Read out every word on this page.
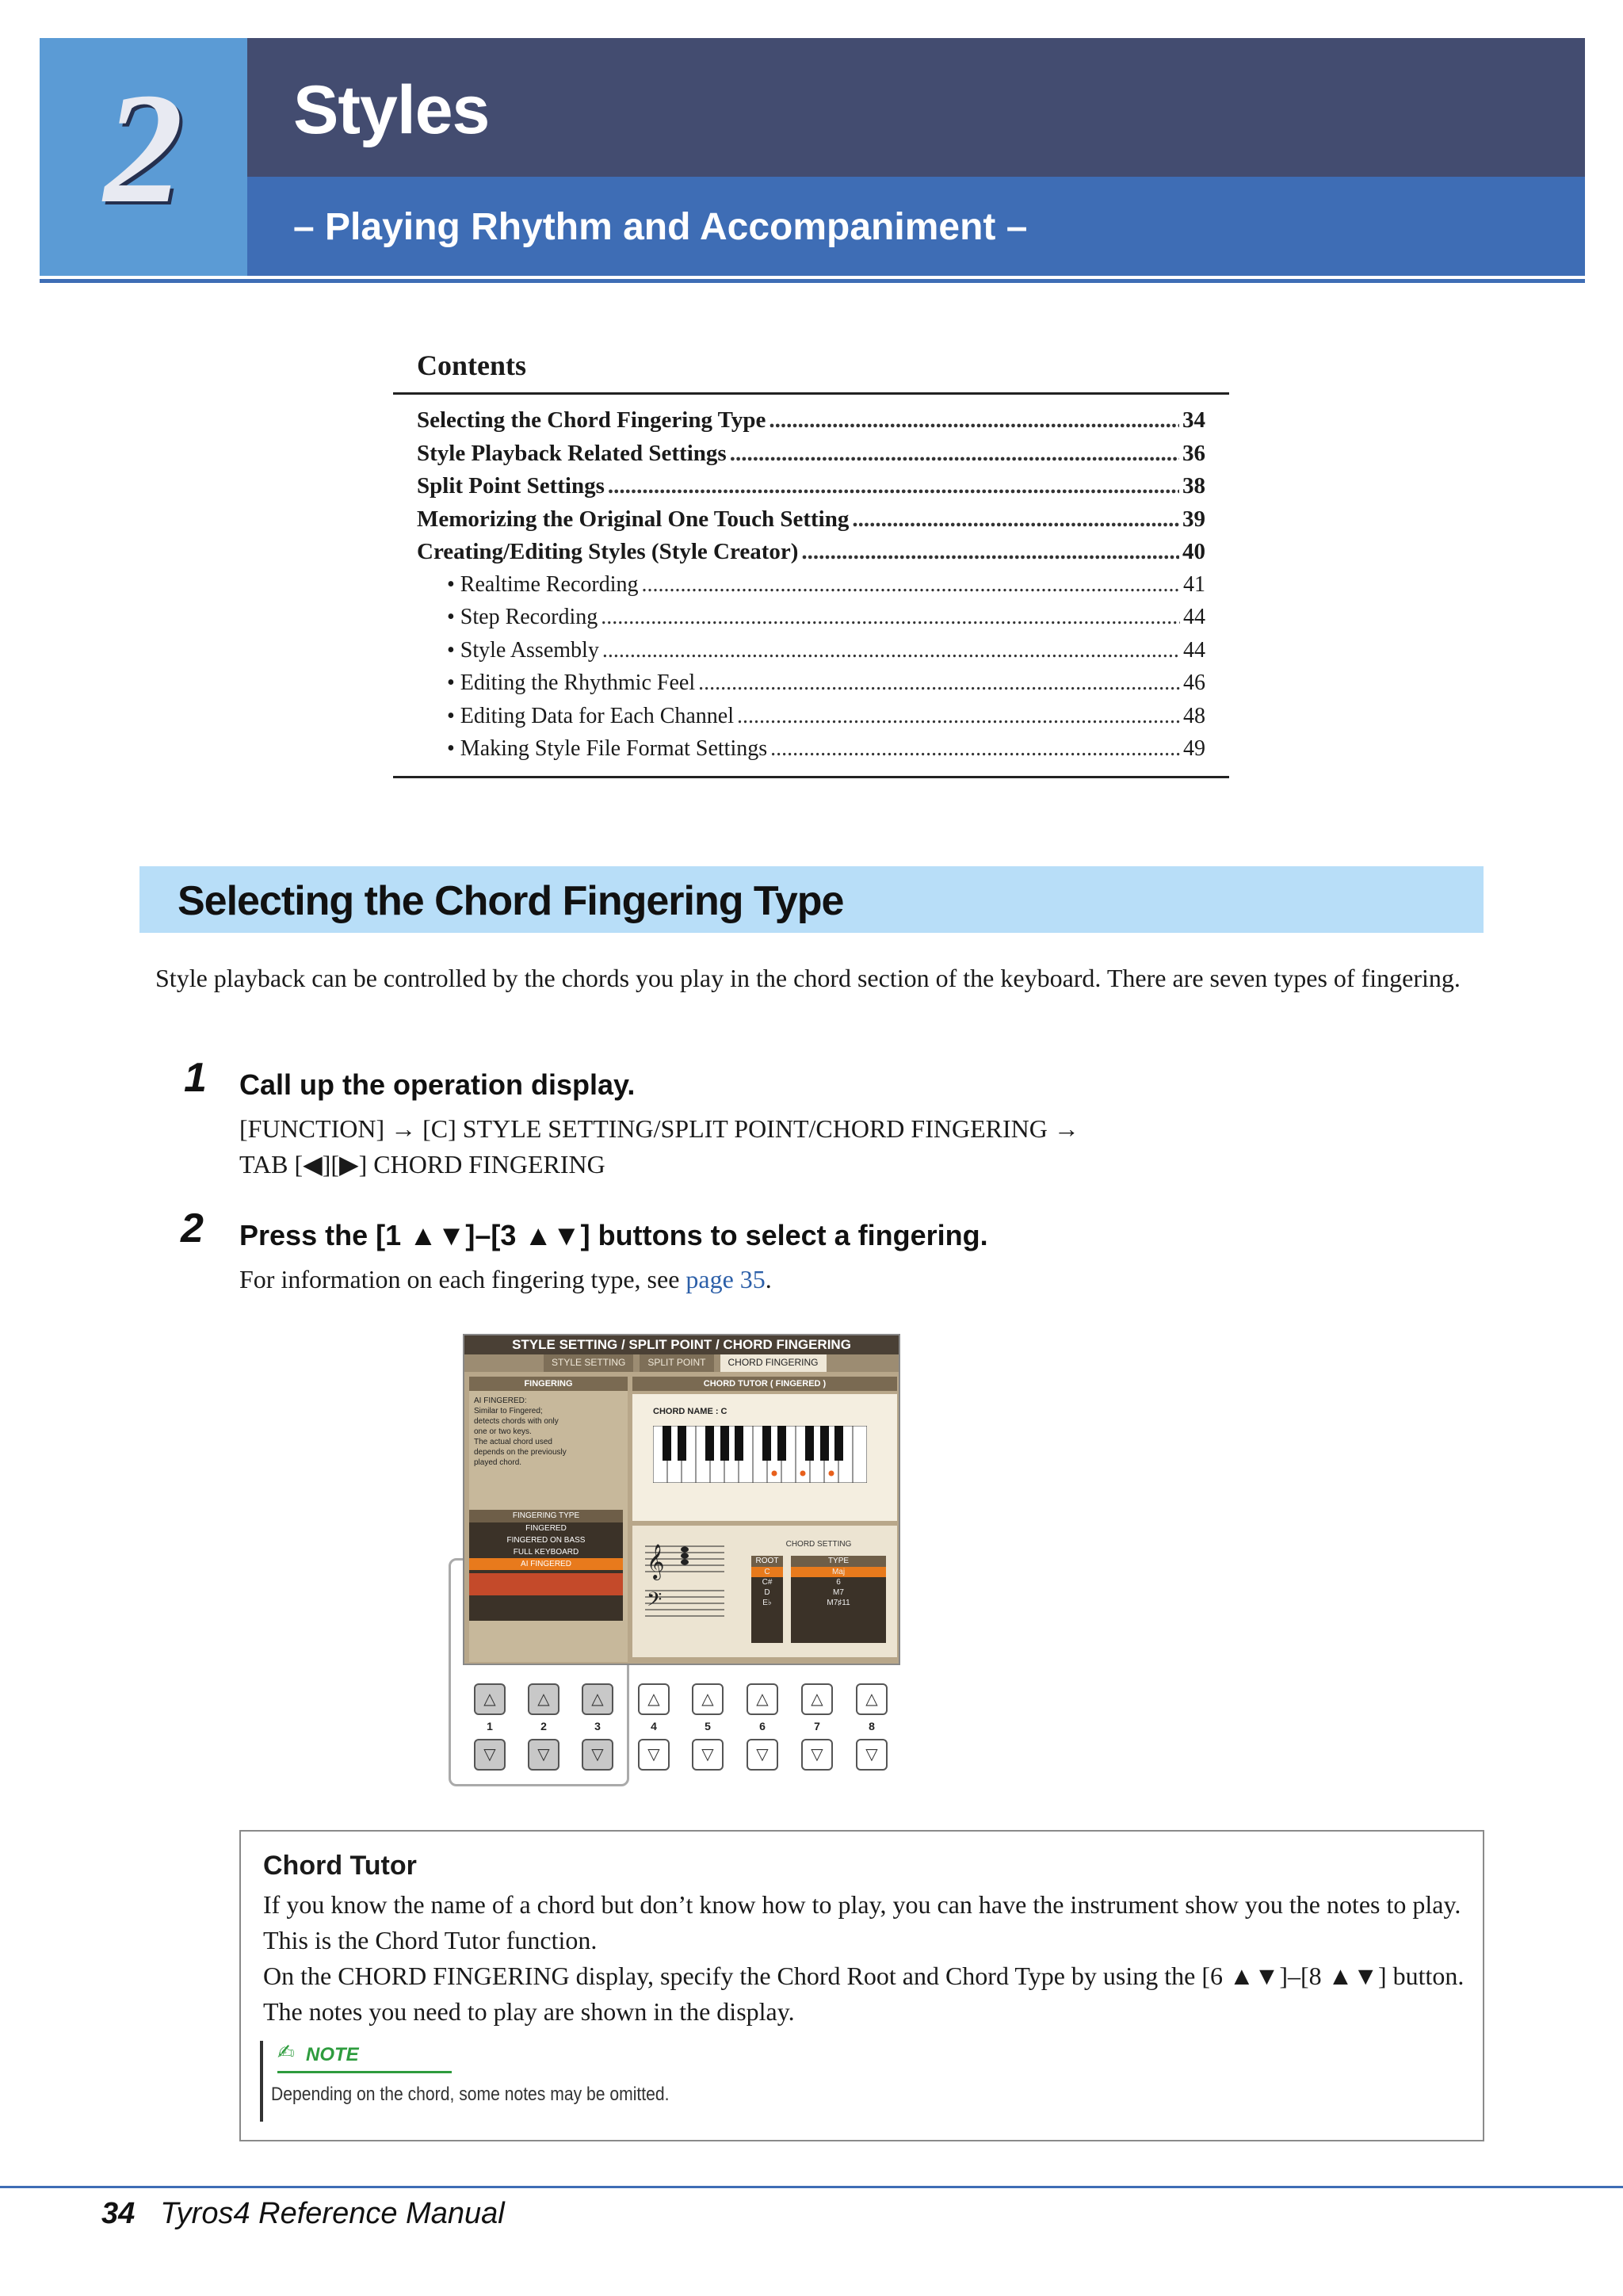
2	Styles
– Playing Rhythm and Accompaniment –
Contents
Selecting the Chord Fingering Type .....	34
Style Playback Related Settings .....	36
Split Point Settings .....	38
Memorizing the Original One Touch Setting .....	39
Creating/Editing Styles (Style Creator) .....	40
• Realtime Recording .....	41
• Step Recording .....	44
• Style Assembly .....	44
• Editing the Rhythmic Feel .....	46
• Editing Data for Each Channel .....	48
• Making Style File Format Settings .....	49
Selecting the Chord Fingering Type
Style playback can be controlled by the chords you play in the chord section of the keyboard. There are seven types of fingering.
1 Call up the operation display.
[FUNCTION] → [C] STYLE SETTING/SPLIT POINT/CHORD FINGERING →
TAB [◀][▶] CHORD FINGERING
2 Press the [1 ▲▼]–[3 ▲▼] buttons to select a fingering.
For information on each fingering type, see page 35.
STYLE SETTING / SPLIT POINT / CHORD FINGERING
STYLE SETTING	SPLIT POINT	CHORD FINGERING
FINGERING
AI FINGERED:
Similar to Fingered;
detects chords with only
one or two keys.
The actual chord used
depends on the previously
played chord.
FINGERING TYPE
FINGERED
FINGERED ON BASS
FULL KEYBOARD
AI FINGERED
CHORD TUTOR ( FINGERED )
CHORD NAME : C
𝄞
𝄢
CHORD SETTING
ROOT
C
C#
D
E♭
TYPE
Maj
6
M7
M7♯11
△
1
▽
△
2
▽
△
3
▽
△
4
▽
△
5
▽
△
6
▽
△
7
▽
△
8
▽
Chord Tutor
If you know the name of a chord but don’t know how to play, you can have the instrument show you the notes to play. This is the Chord Tutor function.
On the CHORD FINGERING display, specify the Chord Root and Chord Type by using the [6 ▲▼]–[8 ▲▼] button. The notes you need to play are shown in the display.
✍ NOTE
Depending on the chord, some notes may be omitted.
34 Tyros4 Reference Manual
